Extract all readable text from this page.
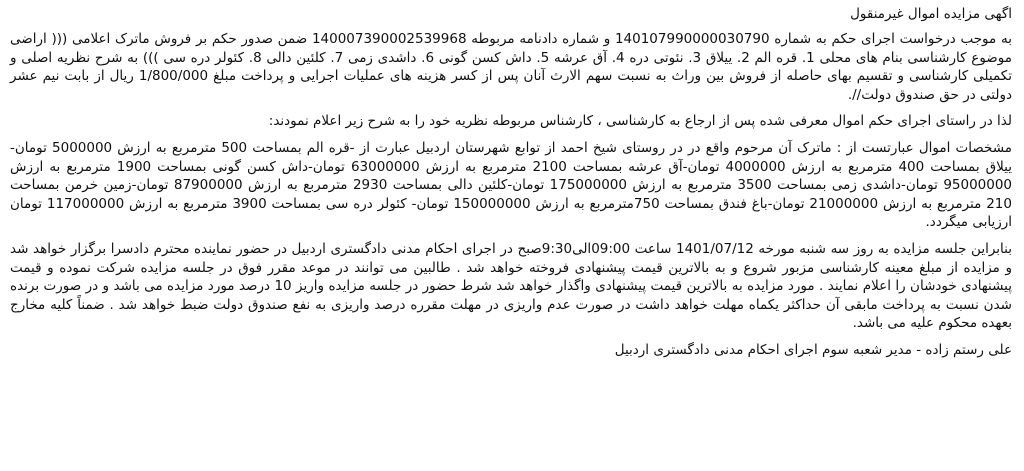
اگهی مزایده اموال غیرمنقول

به موجب درخواست اجرای حکم به شماره 140107990000030790 و شماره دادنامه مربوطه 140007390002539968 ضمن صدور حکم بر فروش ماترک اعلامی ((( اراضی موضوع کارشناسی بنام های محلی 1. قره الم 2. ییلاق 3. نئوتی دره 4. آق عرشه 5. داش کسن گونی 6. داشدی زمی 7. کلئین دالی 8. کئولر دره سی ))) به شرح نظریه اصلی و تکمیلی کارشناسی و تقسیم بهای حاصله از فروش بین وراث به نسبت سهم الارث آنان پس از کسر هزینه های عملیات اجرایی و پرداخت مبلغ 1/800/000 ریال از بابت نیم عشر دولتی در حق صندوق دولت//.

لذا در راستای اجرای حکم اموال معرفی شده پس از ارجاع به کارشناسی ، کارشناس مربوطه نظریه خود را به شرح زیر اعلام نمودند:

مشخصات اموال عبارتست از : ماترک آن مرحوم واقع در در روستای شیخ احمد از توابع شهرستان اردبیل عبارت از -قره الم بمساحت 500 مترمربع به ارزش 5000000 تومان-ییلاق بمساحت 400 مترمربع به ارزش 4000000 تومان-آق عرشه بمساحت 2100 مترمربع به ارزش 63000000 تومان-داش کسن گونی بمساحت 1900 مترمربع به ارزش 95000000 تومان-داشدی زمی بمساحت 3500 مترمربع به ارزش 175000000 تومان-کلئین دالی بمساحت 2930 مترمربع به ارزش 87900000 تومان-زمین خرمن بمساحت 210 مترمربع به ارزش 21000000 تومان-باغ فندق بمساحت 750مترمربع به ارزش 150000000 تومان- کئولر دره سی بمساحت 3900 مترمربع به ارزش 117000000 تومان ارزیابی میگردد.

بنابراین جلسه مزایده به روز سه شنبه مورخه 1401/07/12 ساعت 09:00الی9:30صبح در اجرای احکام مدنی دادگستری اردبیل در حضور نماینده محترم دادسرا برگزار خواهد شد و مزایده از مبلغ معینه کارشناسی مزبور شروع و به بالاترین قیمت پیشنهادی فروخته خواهد شد . طالبین می توانند در موعد مقرر فوق در جلسه مزایده شرکت نموده و قیمت پیشنهادی خودشان را اعلام نمایند . مورد مزایده به بالاترین قیمت پیشنهادی واگذار خواهد شد شرط حضور در جلسه مزایده واریز 10 درصد مورد مزایده می باشد و در صورت برنده شدن نسبت به پرداخت مابقی آن حداکثر یکماه مهلت خواهد داشت در صورت عدم واریزی در مهلت مقرره درصد واریزی به نفع صندوق دولت ضبط خواهد شد . ضمناً کلیه مخارج بعهده محکوم علیه می باشد.

علی رستم زاده - مدیر شعبه سوم اجرای احکام مدنی دادگستری اردبیل
